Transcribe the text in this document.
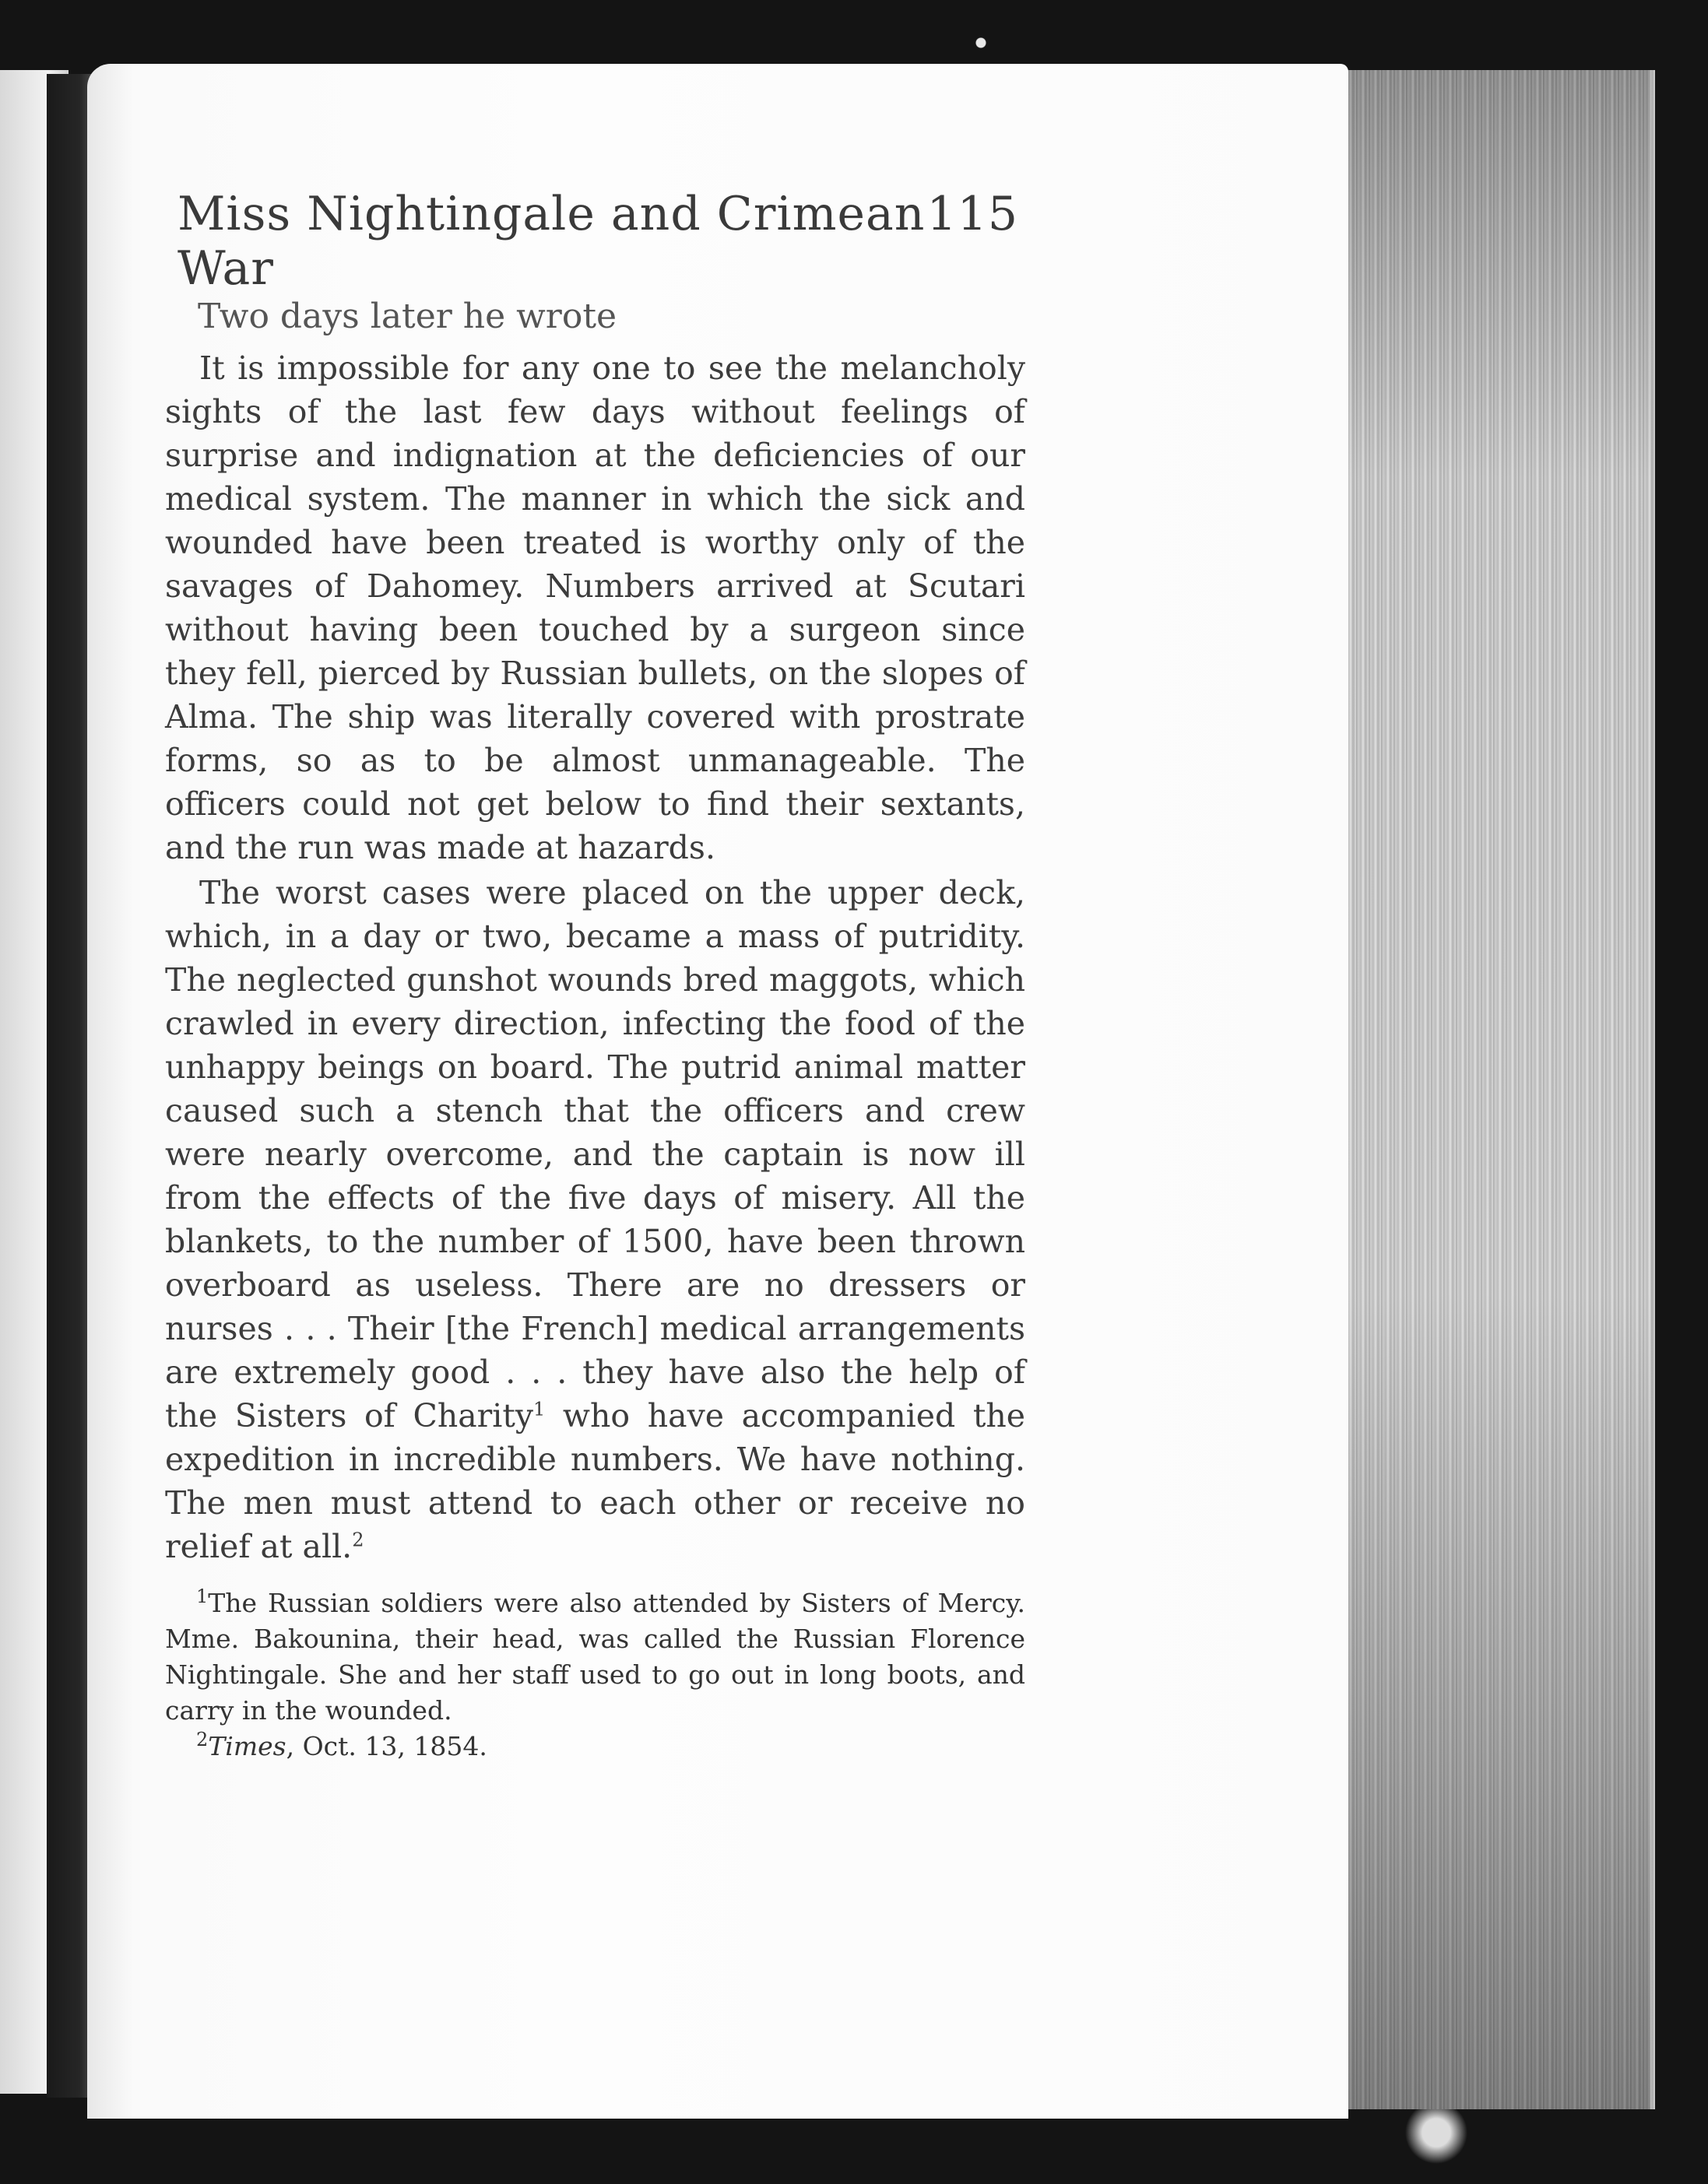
Miss Nightingale and Crimean War
115
Two days later he wrote

It is impossible for any one to see the melancholy sights of the last few days without feelings of surprise and indignation at the deficiencies of our medical system. The manner in which the sick and wounded have been treated is worthy only of the savages of Dahomey. Numbers arrived at Scutari without having been touched by a surgeon since they fell, pierced by Russian bullets, on the slopes of Alma. The ship was literally covered with prostrate forms, so as to be almost unmanageable. The officers could not get below to find their sextants, and the run was made at hazards.

The worst cases were placed on the upper deck, which, in a day or two, became a mass of putridity. The neglected gunshot wounds bred maggots, which crawled in every direction, infecting the food of the unhappy beings on board. The putrid animal matter caused such a stench that the officers and crew were nearly overcome, and the captain is now ill from the effects of the five days of misery. All the blankets, to the number of 1500, have been thrown overboard as useless. There are no dressers or nurses . . . Their [the French] medical arrangements are extremely good . . . they have also the help of the Sisters of Charity$^1$ who have accompanied the expedition in incredible numbers. We have nothing. The men must attend to each other or receive no relief at all.$^2$

$^1$The Russian soldiers were also attended by Sisters of Mercy. Mme. Bakounina, their head, was called the Russian Florence Nightingale. She and her staff used to go out in long boots, and carry in the wounded.

$^2$Times, Oct. 13, 1854.
